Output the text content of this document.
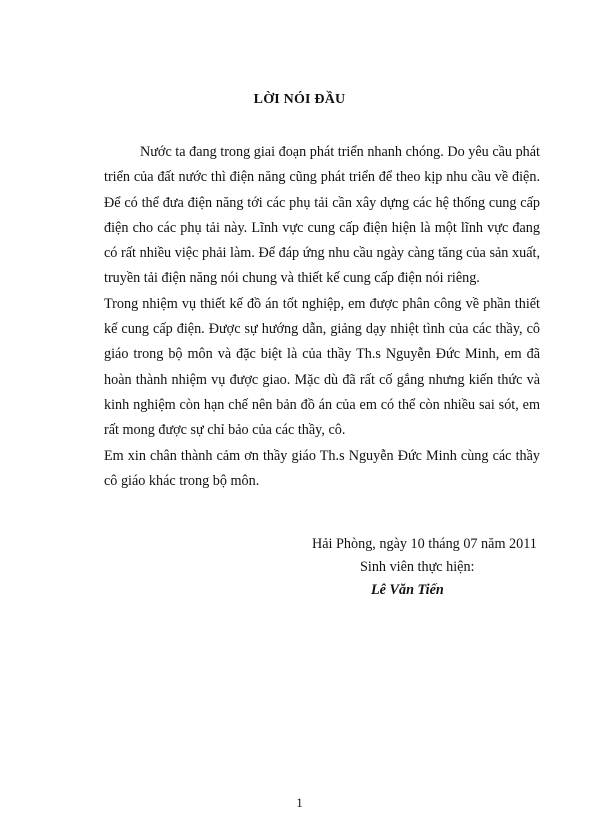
LỜI NÓI ĐẦU

Nước ta đang trong giai đoạn phát triển nhanh chóng. Do yêu cầu phát triển của đất nước thì điện năng cũng phát triển để theo kịp nhu cầu về điện. Để có thể đưa điện năng tới các phụ tải cần xây dựng các hệ thống cung cấp điện cho các phụ tải này. Lĩnh vực cung cấp điện hiện là một lĩnh vực đang có rất nhiều việc phải làm. Để đáp ứng nhu cầu ngày càng tăng của sản xuất, truyền tải điện năng nói chung và thiết kế cung cấp điện nói riêng.

Trong nhiệm vụ thiết kế đồ án tốt nghiệp, em được phân công về phần thiết kế cung cấp điện. Được sự hướng dẫn, giảng dạy nhiệt tình của các thầy, cô giáo trong bộ môn và đặc biệt là của thầy Th.s Nguyễn Đức Minh, em đã hoàn thành nhiệm vụ được giao. Mặc dù đã rất cố gắng nhưng kiến thức và kinh nghiệm còn hạn chế nên bản đồ án của em có thể còn nhiều sai sót, em rất mong được sự chỉ bảo của các thầy, cô.

Em xin chân thành cảm ơn thầy giáo Th.s Nguyễn Đức Minh cùng các thầy cô giáo khác trong bộ môn.

Hải Phòng, ngày 10 tháng 07 năm 2011
Sinh viên thực hiện:
Lê Văn Tiến
1
